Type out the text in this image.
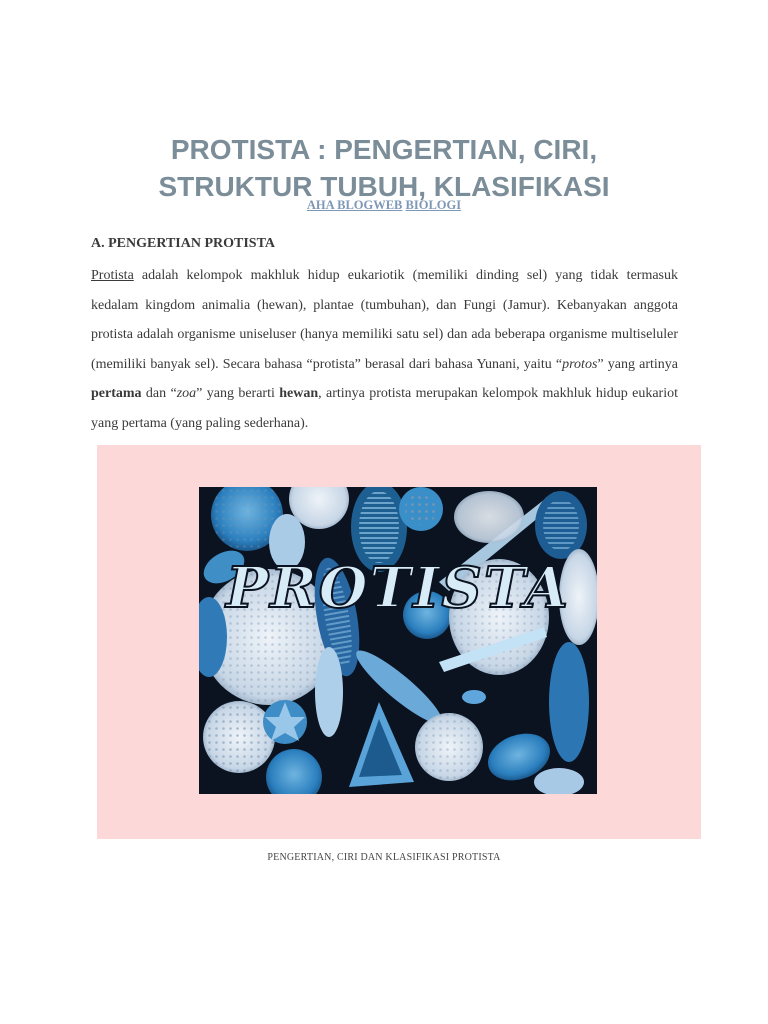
PROTISTA : PENGERTIAN, CIRI,
STRUKTUR TUBUH, KLASIFIKASI
AHA BLOGWEB BIOLOGI
A. PENGERTIAN PROTISTA

Protista adalah kelompok makhluk hidup eukariotik (memiliki dinding sel) yang tidak termasuk kedalam kingdom animalia (hewan), plantae (tumbuhan), dan Fungi (Jamur). Kebanyakan anggota protista adalah organisme uniseluser (hanya memiliki satu sel) dan ada beberapa organisme multiseluler (memiliki banyak sel). Secara bahasa “protista” berasal dari bahasa Yunani, yaitu “protos” yang artinya pertama dan “zoa” yang berarti hewan, artinya protista merupakan kelompok makhluk hidup eukariot yang pertama (yang paling sederhana).

PROTISTA
PENGERTIAN, CIRI DAN KLASIFIKASI PROTISTA
